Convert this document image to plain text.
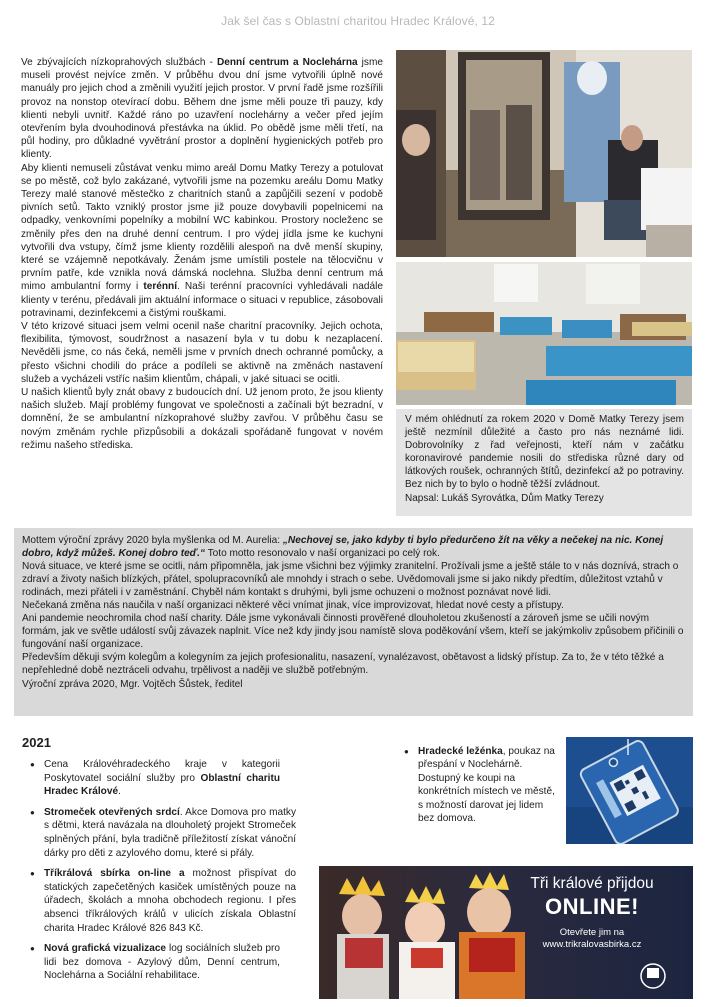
Jak šel čas s Oblastní charitou Hradec Králové, 12

Ve zbývajících nízkoprahových službách - Denní centrum a Noclehárna jsme museli provést nejvíce změn. V průběhu dvou dní jsme vytvořili úplně nové manuály pro jejich chod a změnili využití jejich prostor. V první řadě jsme rozšířili provoz na nonstop otevírací dobu. Během dne jsme měli pouze tři pauzy, kdy klienti nebyli uvnitř. Každé ráno po uzavření noclehárny a večer před jejím otevřením byla dvouhodinová přestávka na úklid. Po obědě jsme měli třetí, na půl hodiny, pro důkladné vyvětrání prostor a doplnění hygienických potřeb pro klienty.

Aby klienti nemuseli zůstávat venku mimo areál Domu Matky Terezy a potulovat se po městě, což bylo zakázané, vytvořili jsme na pozemku areálu Domu Matky Terezy malé stanové městečko z charitních stanů a zapůjčili sezení v podobě pivních setů. Takto vzniklý prostor jsme již pouze dovybavili popelnicemi na odpadky, venkovními popelníky a mobilní WC kabinkou. Prostory nocleženc se změnily přes den na druhé denní centrum. I pro výdej jídla jsme ke kuchyni vytvořili dva vstupy, čímž jsme klienty rozdělili alespoň na dvě menší skupiny, které se vzájemně nepotkávaly. Ženám jsme umístili postele na tělocvičnu v prvním patře, kde vznikla nová dámská noclehna. Služba denní centrum má mimo ambulantní formy i terénní. Naši terénní pracovníci vyhledávali nadále klienty v terénu, předávali jim aktuální informace o situaci v republice, zásobovali potravinami, dezinfekcemi a čistými rouškami.

V této krizové situaci jsem velmi ocenil naše charitní pracovníky. Jejich ochota, flexibilita, týmovost, soudržnost a nasazení byla v tu dobu k nezaplacení. Nevěděli jsme, co nás čeká, neměli jsme v prvních dnech ochranné pomůcky, a přesto všichni chodili do práce a podíleli se aktivně na změnách nastavení služeb a vycházeli vstříc našim klientům, chápali, v jaké situaci se ocitli.

U našich klientů byly znát obavy z budoucích dní. Už jenom proto, že jsou klienty našich služeb. Mají problémy fungovat ve společnosti a začínali být bezradní, v domnění, že se ambulantní nízkoprahové služby zavřou. V průběhu času se novým změnám rychle přizpůsobili a dokázali spořádaně fungovat v novém režimu našeho střediska.

V mém ohlédnutí za rokem 2020 v Domě Matky Terezy jsem ještě nezmínil důležité a často pro nás neznámé lidi. Dobrovolníky z řad veřejnosti, kteří nám v začátku koronavirové pandemie nosili do střediska různé dary od látkových roušek, ochranných štítů, dezinfekcí až po potraviny. Bez nich by to bylo o hodně těžší zvládnout.

Napsal: Lukáš Syrovátka, Dům Matky Terezy

Mottem výroční zprávy 2020 byla myšlenka od M. Aurelia: „Nechovej se, jako kdyby ti bylo předurčeno žít na věky a nečekej na nic. Konej dobro, když můžeš. Konej dobro teď.“ Toto motto resonovalo v naší organizaci po celý rok.

Nová situace, ve které jsme se ocitli, nám připomněla, jak jsme všichni bez výjimky zranitelní. Prožívali jsme a ještě stále to v nás doznívá, strach o zdraví a životy našich blízkých, přátel, spolupracovníků ale mnohdy i strach o sebe. Uvědomovali jsme si jako nikdy předtím, důležitost vztahů v rodinách, mezi přáteli i v zaměstnání. Chyběl nám kontakt s druhými, byli jsme ochuzeni o možnost poznávat nové lidi.

Nečekaná změna nás naučila v naší organizaci některé věci vnímat jinak, více improvizovat, hledat nové cesty a přístupy.

Ani pandemie neochromila chod naší charity. Dále jsme vykonávali činnosti prověřené dlouholetou zkušeností a zároveň jsme se učili novým formám, jak ve světle událostí svůj závazek naplnit. Více než kdy jindy jsou namístě slova poděkování všem, kteří se jakýmkoliv způsobem přičinili o fungování naší organizace.

Především děkuji svým kolegům a kolegyním za jejich profesionalitu, nasazení, vynalézavost, obětavost a lidský přístup. Za to, že v této těžké a nepřehledné době neztráceli odvahu, trpělivost a naději ve službě potřebným.

Výroční zpráva 2020, Mgr. Vojtěch Šůstek, ředitel

2021
● Cena Královéhradeckého kraje v kategorii Poskytovatel sociální služby pro Oblastní charitu Hradec Králové.
● Stromeček otevřených srdcí. Akce Domova pro matky s dětmi, která navázala na dlouholetý projekt Stromeček splněných přání, byla tradičně příležitostí získat vánoční dárky pro děti z azylového domu, které si přály.
● Tříkrálová sbírka on-line a možnost přispívat do statických zapečetěných kasiček umístěných pouze na úřadech, školách a mnoha obchodech regionu. I přes absenci tříkrálových králů v ulicích získala Oblastní charita Hradec Králové 826 843 Kč.
● Nová grafická vizualizace log sociálních služeb pro lidi bez domova - Azylový dům, Denní centrum, Noclehárna a Sociální rehabilitace.
● Hradecké ležénka, poukaz na přespání v Noclehárně. Dostupný ke koupi na konkrétních místech ve městě, s možností darovat jej lidem bez domova.
Tři králové přijdou
ONLINE!
Otevřete jim na
www.trikralovasbirka.cz
